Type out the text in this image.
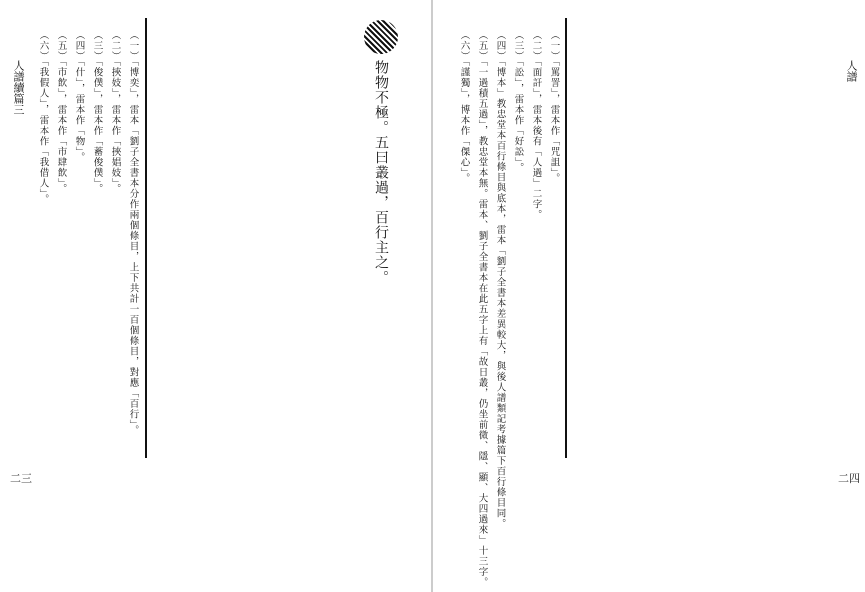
人譜續篇三
二三
物物不極。五曰叢過，百行主之。
（一）「博奕」，雷本「劉子全書本分作兩個條目，上下共計一百個條目，對應「百行」。
（二）「挾妓」，雷本作「挾娼妓」。
（三）「俊僕」，雷本作「蓄俊僕」。
（四）「什」，雷本作「物」。
（五）「市飲」，雷本作「市肆飲」。
（六）「我假人」，雷本作「我借人」。	人譜
二四
（一）「罵詈」，雷本作「咒詛」。
（二）「面訐」，雷本後有「人過」二字。
（三）「訟」，雷本作「好訟」。
（四）「博本」教忠堂本百行條目與底本，雷本「劉子全書本差異較大，與後人譜類記考據篇下百行條目同。
（五）「一過積五過」，教忠堂本無。雷本、劉子全書本在此五字上有「故日叢，仍坐前微、隱、顯、大四過來」十三字。
（六）「謹獨」，博本作「傑心」。
